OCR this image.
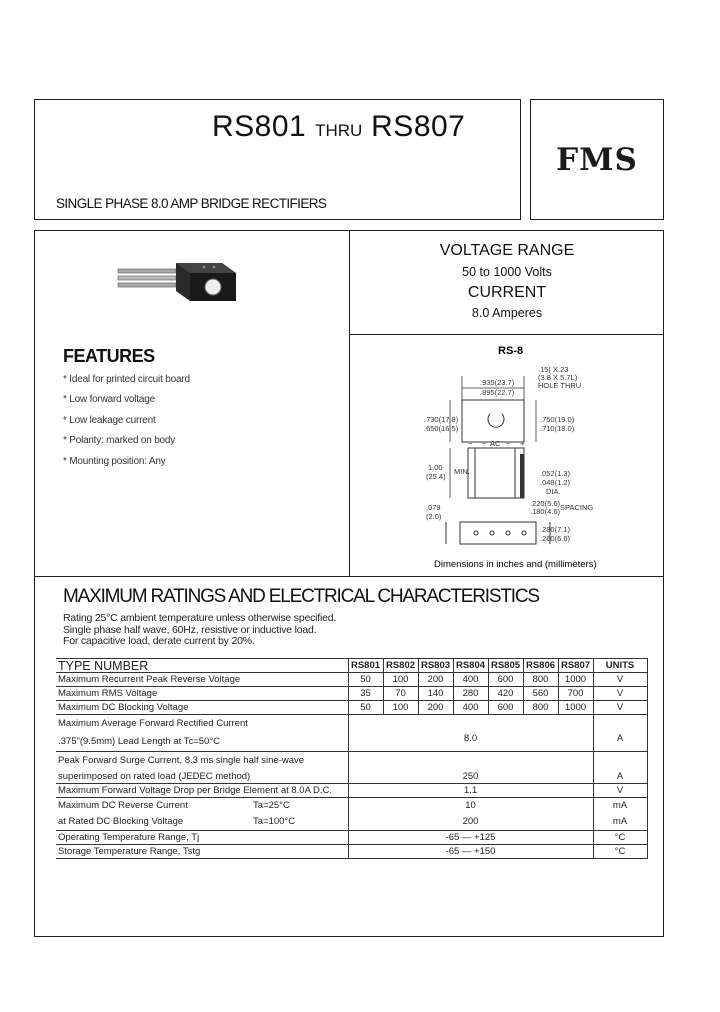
RS801 THRU RS807
SINGLE PHASE 8.0 AMP BRIDGE RECTIFIERS
FMS
VOLTAGE RANGE
50 to 1000 Volts
CURRENT
8.0 Amperes
FEATURES
* Ideal for printed circuit board
* Low forward voltage
* Low leakage current
* Polarity: marked on body
* Mounting position: Any
RS-8
.15( X.23
(3.8 X 5.7L)
HOLE THRU
.935(23.7)
.895(22.7)
.730(17.8)
.650(16.5)
.750(19.0)
.710(18.0)
AC
−	+
~	~
1.00
(25.4)
MIN.	.052(1.3)
.048(1.2)
DIA.
.220(5.6)
.180(4.6) SPACING
.079
(2.0)
.280(7.1)
.260(6.6)
Dimensions in inches and (millimeters)
MAXIMUM RATINGS AND ELECTRICAL CHARACTERISTICS
Rating 25°C ambient temperature unless otherwise specified.
Single phase half wave, 60Hz, resistive or inductive load.
For capacitive load, derate current by 20%.
TYPE NUMBER	RS801	RS802	RS803	RS804	RS805	RS806	RS807	UNITS
Maximum Recurrent Peak Reverse Voltage	50	100	200	400	600	800	1000	V
Maximum RMS Voltage	35	70	140	280	420	560	700	V
Maximum DC Blocking Voltage	50	100	200	400	600	800	1000	V
Maximum Average Forward Rectified Current								
.375"(9.5mm) Lead Length at Tc=50°C	8.0							A
Peak Forward Surge Current, 8.3 ms single half sine-wave								
superimposed on rated load (JEDEC method)	250							A
Maximum Forward Voltage Drop per Bridge Element at 8.0A D.C.	1.1							V
Maximum DC Reverse Current Ta=25°C	10							mA
at Rated DC Blocking Voltage Ta=100°C	200							mA
Operating Temperature Range, Tj	-65 — +125							°C
Storage Temperature Range, Tstg	-65 — +150							°C
